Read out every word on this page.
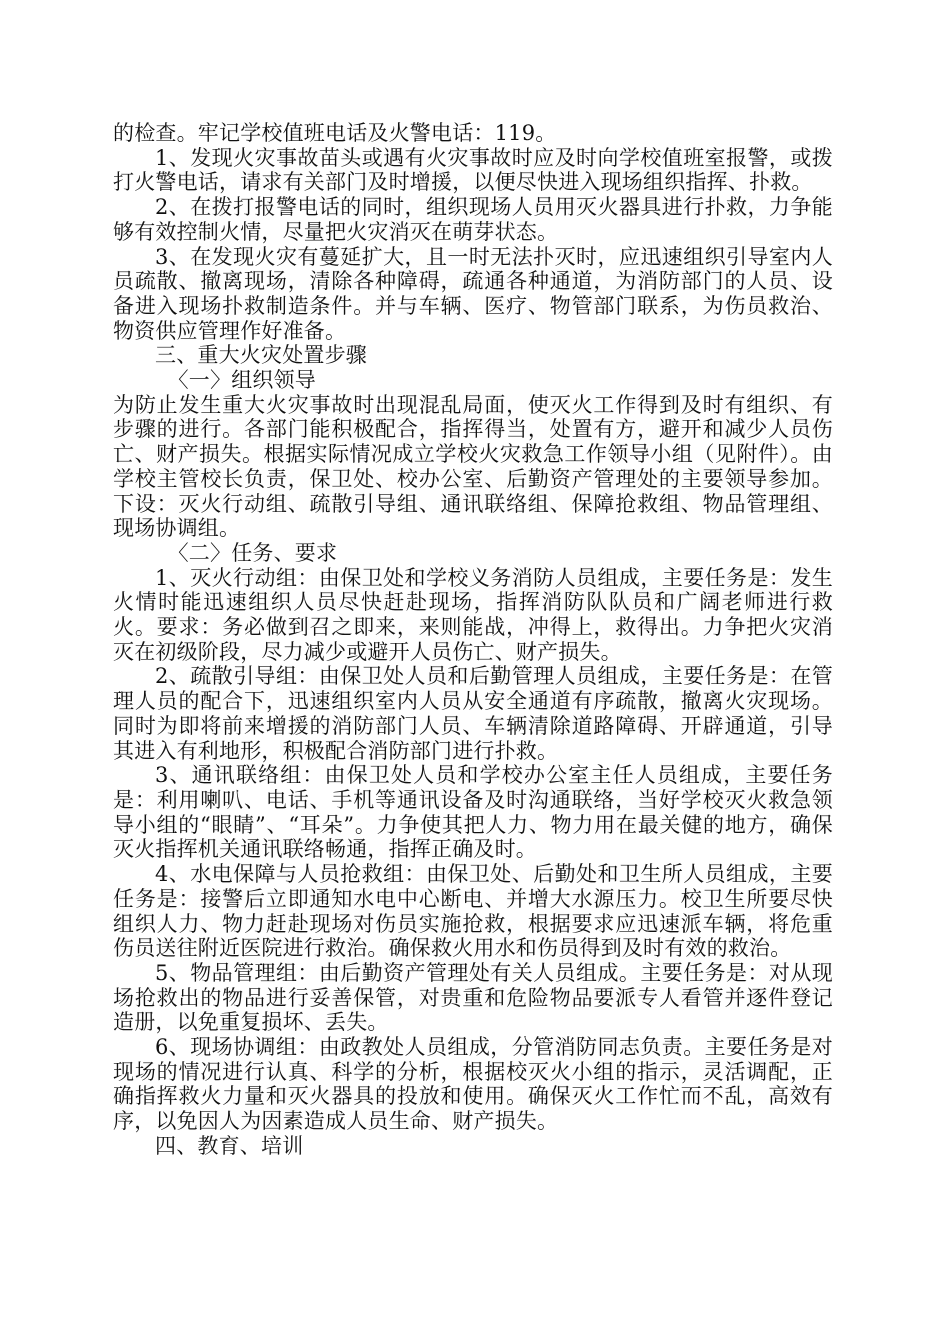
的检查。牢记学校值班电话及火警电话：119。

1、发现火灾事故苗头或遇有火灾事故时应及时向学校值班室报警，或拨打火警电话，请求有关部门及时增援，以便尽快进入现场组织指挥、扑救。

2、在拨打报警电话的同时，组织现场人员用灭火器具进行扑救，力争能够有效控制火情，尽量把火灾消灭在萌芽状态。

3、在发现火灾有蔓延扩大，且一时无法扑灭时，应迅速组织引导室内人员疏散、撤离现场，清除各种障碍，疏通各种通道，为消防部门的人员、设备进入现场扑救制造条件。并与车辆、医疗、物管部门联系，为伤员救治、物资供应管理作好准备。

三、重大火灾处置步骤

〈一〉组织领导

为防止发生重大火灾事故时出现混乱局面，使灭火工作得到及时有组织、有步骤的进行。各部门能积极配合，指挥得当，处置有方，避开和减少人员伤亡、财产损失。根据实际情况成立学校火灾救急工作领导小组（见附件）。由学校主管校长负责，保卫处、校办公室、后勤资产管理处的主要领导参加。下设：灭火行动组、疏散引导组、通讯联络组、保障抢救组、物品管理组、现场协调组。

〈二〉任务、要求

1、灭火行动组：由保卫处和学校义务消防人员组成，主要任务是：发生火情时能迅速组织人员尽快赶赴现场，指挥消防队队员和广阔老师进行救火。要求：务必做到召之即来，来则能战，冲得上，救得出。力争把火灾消灭在初级阶段，尽力减少或避开人员伤亡、财产损失。

2、疏散引导组：由保卫处人员和后勤管理人员组成，主要任务是：在管理人员的配合下，迅速组织室内人员从安全通道有序疏散，撤离火灾现场。同时为即将前来增援的消防部门人员、车辆清除道路障碍、开辟通道，引导其进入有利地形，积极配合消防部门进行扑救。

3、通讯联络组：由保卫处人员和学校办公室主任人员组成，主要任务是：利用喇叭、电话、手机等通讯设备及时沟通联络，当好学校灭火救急领导小组的“眼睛”、“耳朵”。力争使其把人力、物力用在最关健的地方，确保灭火指挥机关通讯联络畅通，指挥正确及时。

4、水电保障与人员抢救组：由保卫处、后勤处和卫生所人员组成，主要任务是：接警后立即通知水电中心断电、并增大水源压力。校卫生所要尽快组织人力、物力赶赴现场对伤员实施抢救，根据要求应迅速派车辆，将危重伤员送往附近医院进行救治。确保救火用水和伤员得到及时有效的救治。

5、物品管理组：由后勤资产管理处有关人员组成。主要任务是：对从现场抢救出的物品进行妥善保管，对贵重和危险物品要派专人看管并逐件登记造册，以免重复损坏、丢失。

6、现场协调组：由政教处人员组成，分管消防同志负责。主要任务是对现场的情况进行认真、科学的分析，根据校灭火小组的指示，灵活调配，正确指挥救火力量和灭火器具的投放和使用。确保灭火工作忙而不乱，高效有序，以免因人为因素造成人员生命、财产损失。

四、教育、培训
